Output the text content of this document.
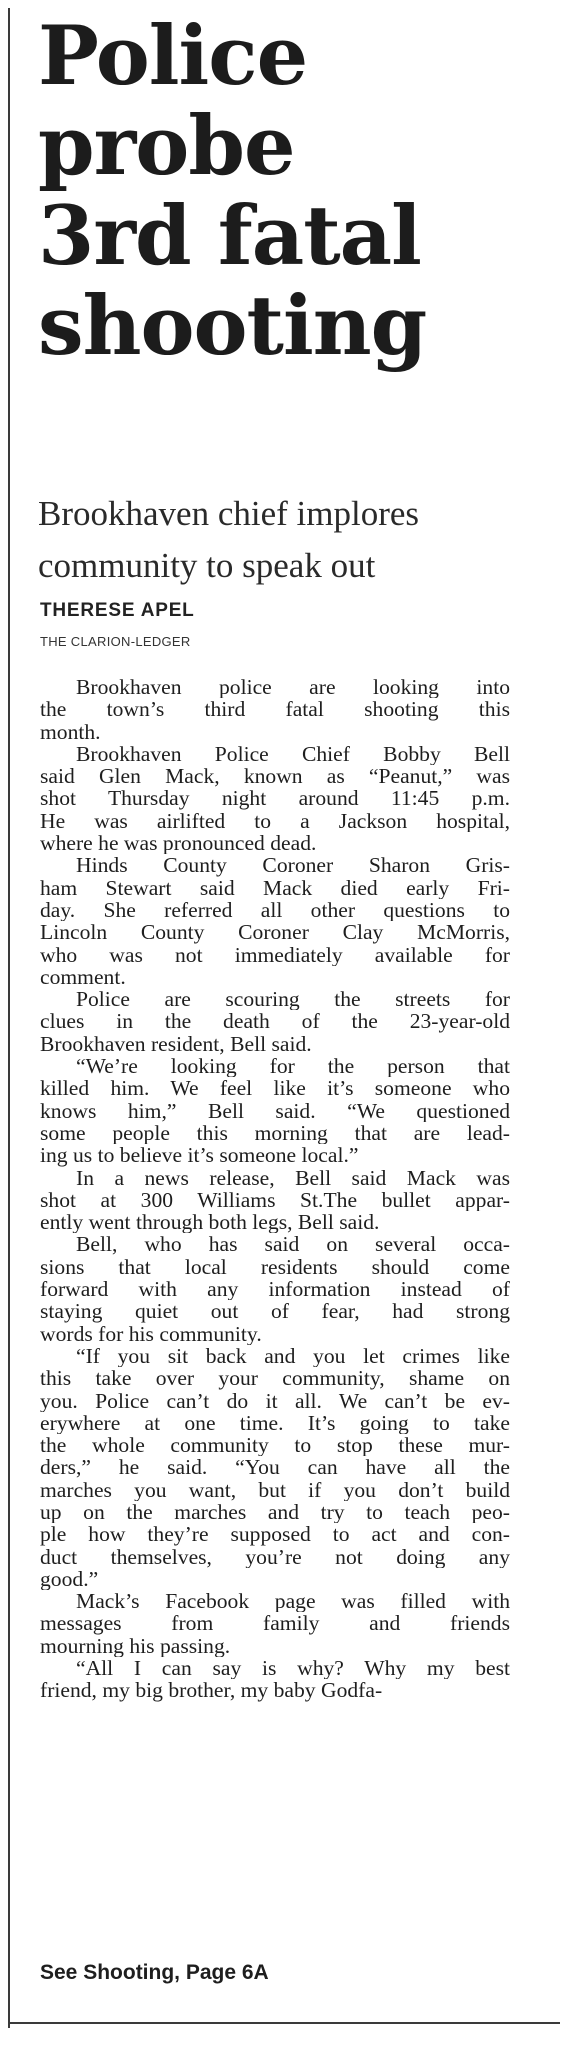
Police
probe
3rd fatal
shooting
Brookhaven chief implores
community to speak out
THERESE APEL
THE CLARION-LEDGER
Brookhaven police are looking into
the town’s third fatal shooting this
month.
Brookhaven Police Chief Bobby Bell
said Glen Mack, known as “Peanut,” was
shot Thursday night around 11:45 p.m.
He was airlifted to a Jackson hospital,
where he was pronounced dead.
Hinds County Coroner Sharon Gris-
ham Stewart said Mack died early Fri-
day. She referred all other questions to
Lincoln County Coroner Clay McMorris,
who was not immediately available for
comment.
Police are scouring the streets for
clues in the death of the 23-year-old
Brookhaven resident, Bell said.
“We’re looking for the person that
killed him. We feel like it’s someone who
knows him,” Bell said. “We questioned
some people this morning that are lead-
ing us to believe it’s someone local.”
In a news release, Bell said Mack was
shot at 300 Williams St.The bullet appar-
ently went through both legs, Bell said.
Bell, who has said on several occa-
sions that local residents should come
forward with any information instead of
staying quiet out of fear, had strong
words for his community.
“If you sit back and you let crimes like
this take over your community, shame on
you. Police can’t do it all. We can’t be ev-
erywhere at one time. It’s going to take
the whole community to stop these mur-
ders,” he said. “You can have all the
marches you want, but if you don’t build
up on the marches and try to teach peo-
ple how they’re supposed to act and con-
duct themselves, you’re not doing any
good.”
Mack’s Facebook page was filled with
messages from family and friends
mourning his passing.
“All I can say is why? Why my best
friend, my big brother, my baby Godfa-
See Shooting, Page 6A
